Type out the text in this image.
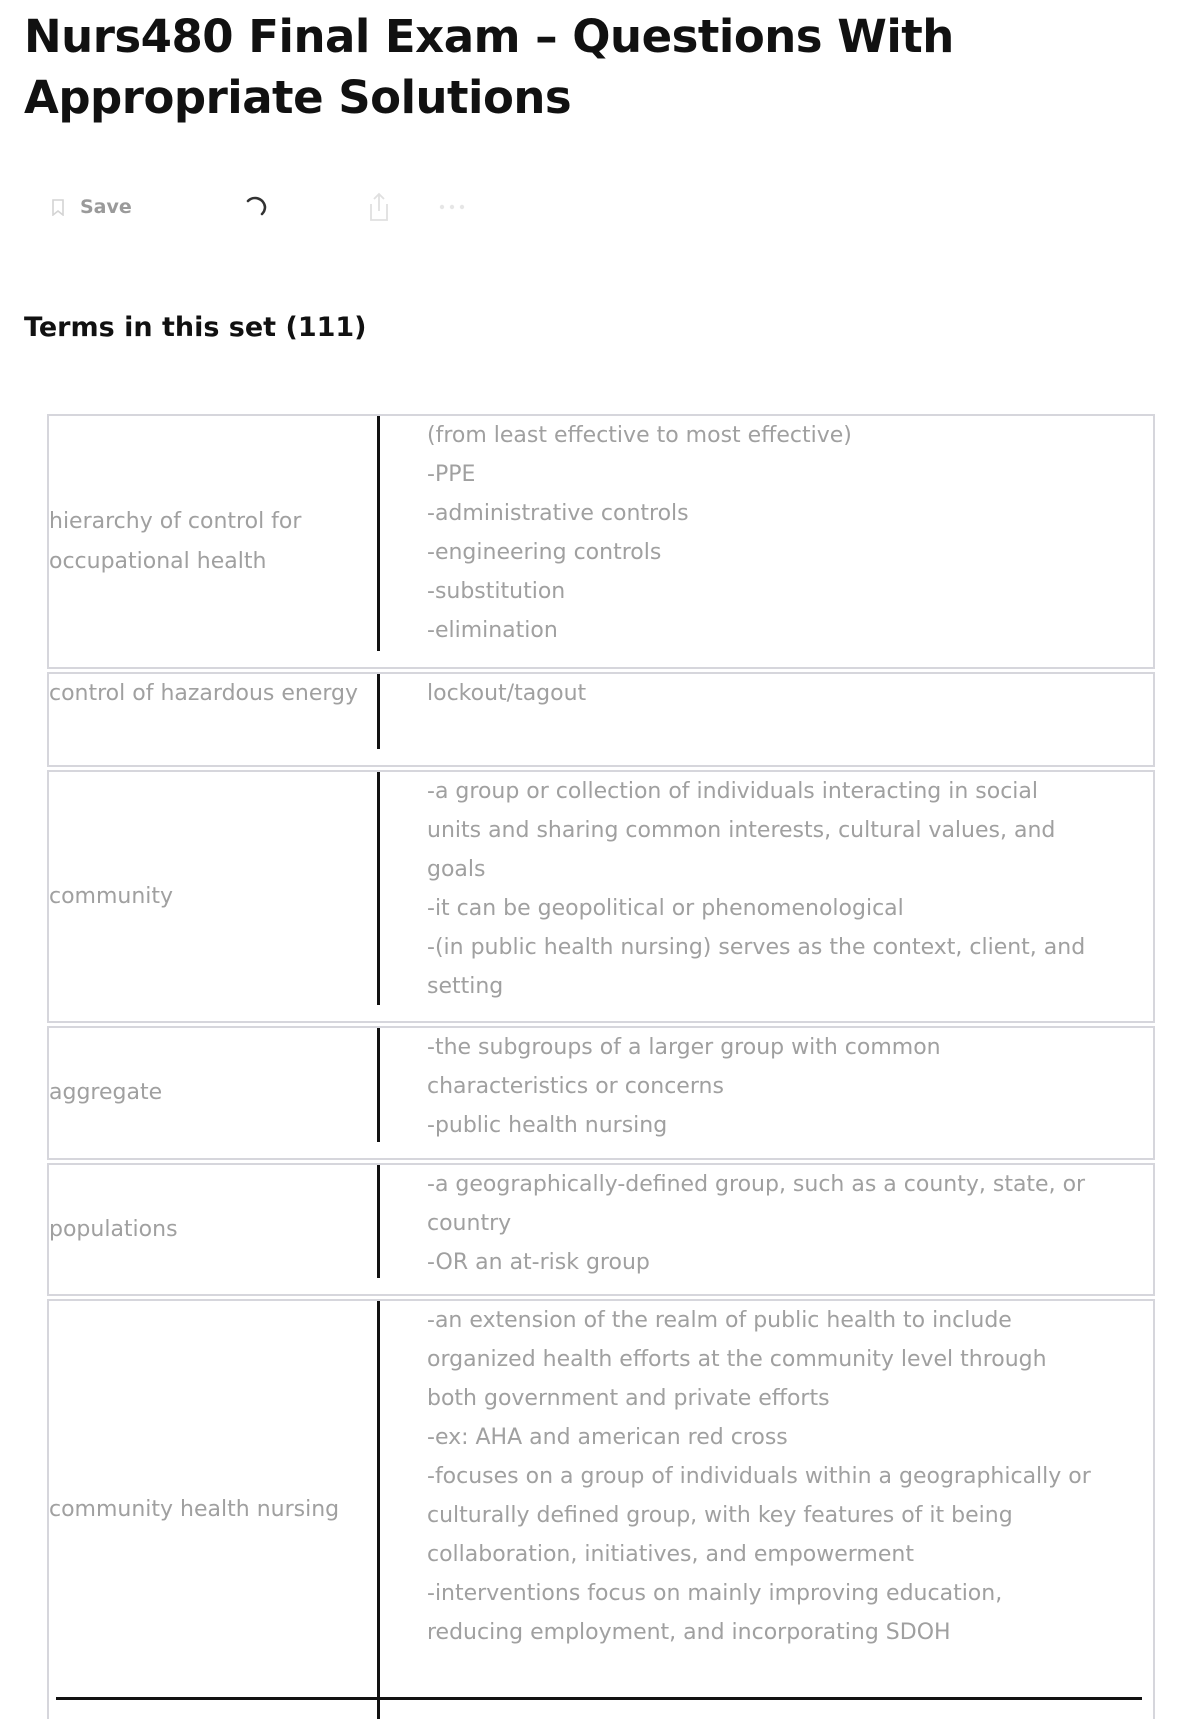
Nurs480 Final Exam – Questions With Appropriate Solutions
Save
Terms in this set (111)
hierarchy of control for occupational health
(from least effective to most effective)
-PPE
-administrative controls
-engineering controls
-substitution
-elimination
control of hazardous energy	lockout/tagout
community
-a group or collection of individuals interacting in social units and sharing common interests, cultural values, and goals
-it can be geopolitical or phenomenological
-(in public health nursing) serves as the context, client, and setting
aggregate
-the subgroups of a larger group with common characteristics or concerns
-public health nursing
populations
-a geographically-defined group, such as a county, state, or country
-OR an at-risk group
community health nursing
-an extension of the realm of public health to include organized health efforts at the community level through both government and private efforts
-ex: AHA and american red cross
-focuses on a group of individuals within a geographically or culturally defined group, with key features of it being collaboration, initiatives, and empowerment
-interventions focus on mainly improving education, reducing employment, and incorporating SDOH
